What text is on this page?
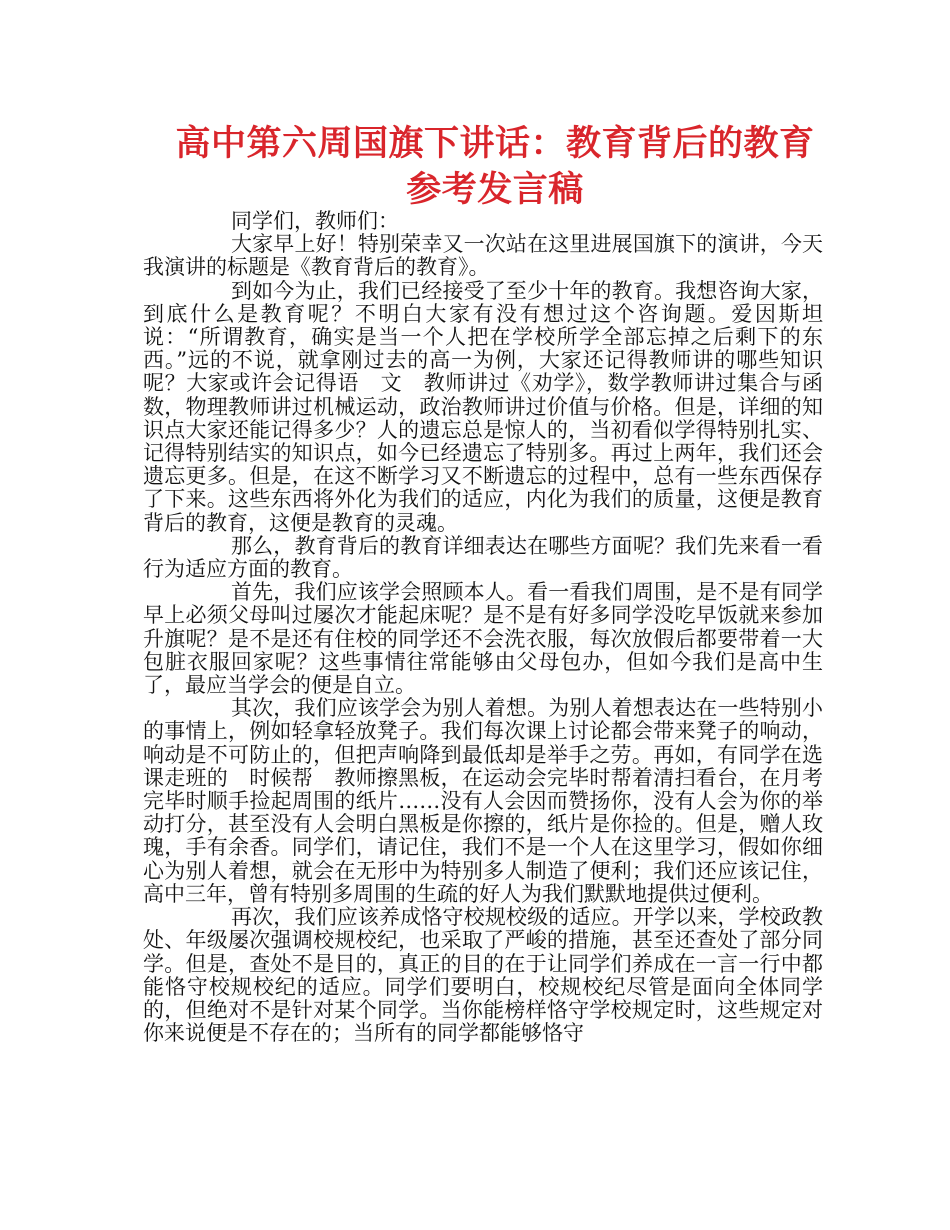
高中第六周国旗下讲话：教育背后的教育
参考发言稿

同学们，教师们：

大家早上好！特别荣幸又一次站在这里进展国旗下的演讲，今天我演讲的标题是《教育背后的教育》。

到如今为止，我们已经接受了至少十年的教育。我想咨询大家，到底什么是教育呢？不明白大家有没有想过这个咨询题。爱因斯坦说：“所谓教育，确实是当一个人把在学校所学全部忘掉之后剩下的东西。”远的不说，就拿刚过去的高一为例，大家还记得教师讲的哪些知识呢？大家或许会记得语　文　教师讲过《劝学》，数学教师讲过集合与函数，物理教师讲过机械运动，政治教师讲过价值与价格。但是，详细的知识点大家还能记得多少？人的遗忘总是惊人的，当初看似学得特别扎实、记得特别结实的知识点，如今已经遗忘了特别多。再过上两年，我们还会遗忘更多。但是，在这不断学习又不断遗忘的过程中，总有一些东西保存了下来。这些东西将外化为我们的适应，内化为我们的质量，这便是教育背后的教育，这便是教育的灵魂。

那么，教育背后的教育详细表达在哪些方面呢？我们先来看一看行为适应方面的教育。

首先，我们应该学会照顾本人。看一看我们周围，是不是有同学早上必须父母叫过屡次才能起床呢？是不是有好多同学没吃早饭就来参加升旗呢？是不是还有住校的同学还不会洗衣服，每次放假后都要带着一大包脏衣服回家呢？这些事情往常能够由父母包办，但如今我们是高中生了，最应当学会的便是自立。

其次，我们应该学会为别人着想。为别人着想表达在一些特别小的事情上，例如轻拿轻放凳子。我们每次课上讨论都会带来凳子的响动，响动是不可防止的，但把声响降到最低却是举手之劳。再如，有同学在选课走班的　时候帮　教师擦黑板，在运动会完毕时帮着清扫看台，在月考完毕时顺手捡起周围的纸片……没有人会因而赞扬你，没有人会为你的举动打分，甚至没有人会明白黑板是你擦的，纸片是你捡的。但是，赠人玫瑰，手有余香。同学们，请记住，我们不是一个人在这里学习，假如你细心为别人着想，就会在无形中为特别多人制造了便利；我们还应该记住，高中三年，曾有特别多周围的生疏的好人为我们默默地提供过便利。

再次，我们应该养成恪守校规校级的适应。开学以来，学校政教处、年级屡次强调校规校纪，也采取了严峻的措施，甚至还查处了部分同学。但是，查处不是目的，真正的目的在于让同学们养成在一言一行中都能恪守校规校纪的适应。同学们要明白，校规校纪尽管是面向全体同学的，但绝对不是针对某个同学。当你能榜样恪守学校规定时，这些规定对你来说便是不存在的；当所有的同学都能够恪守
